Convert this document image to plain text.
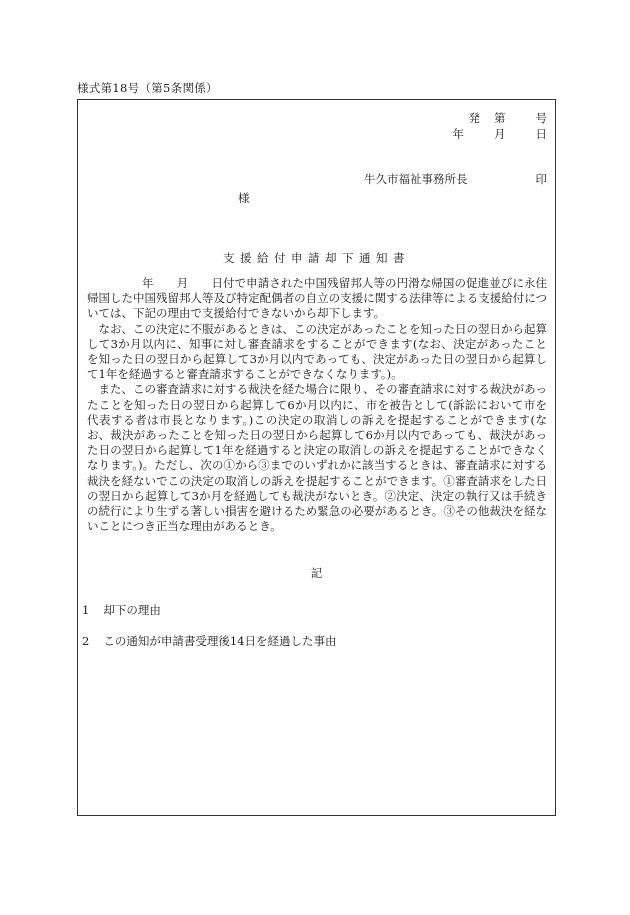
様式第18号（第5条関係）
発 第	号
年	月	日
牛久市福祉事務所長	印
様
支援給付申請却下通知書

年　　月　　日付で申請された中国残留邦人等の円滑な帰国の促進並びに永住帰国した中国残留邦人等及び特定配偶者の自立の支援に関する法律等による支援給付については、下記の理由で支援給付できないから却下します。

なお、この決定に不服があるときは、この決定があったことを知った日の翌日から起算して3か月以内に、知事に対し審査請求をすることができます(なお、決定があったことを知った日の翌日から起算して3か月以内であっても、決定があった日の翌日から起算して1年を経過すると審査請求することができなくなります。)。

また、この審査請求に対する裁決を経た場合に限り、その審査請求に対する裁決があったことを知った日の翌日から起算して6か月以内に、市を被告として(訴訟において市を代表する者は市長となります。)この決定の取消しの訴えを提起することができます(なお、裁決があったことを知った日の翌日から起算して6か月以内であっても、裁決があった日の翌日から起算して1年を経過すると決定の取消しの訴えを提起することができなくなります。)。ただし、次の①から③までのいずれかに該当するときは、審査請求に対する裁決を経ないでこの決定の取消しの訴えを提起することができます。①審査請求をした日の翌日から起算して3か月を経過しても裁決がないとき。②決定、決定の執行又は手続きの続行により生ずる著しい損害を避けるため緊急の必要があるとき。③その他裁決を経ないことにつき正当な理由があるとき。

記
1 却下の理由
2 この通知が申請書受理後14日を経過した事由
